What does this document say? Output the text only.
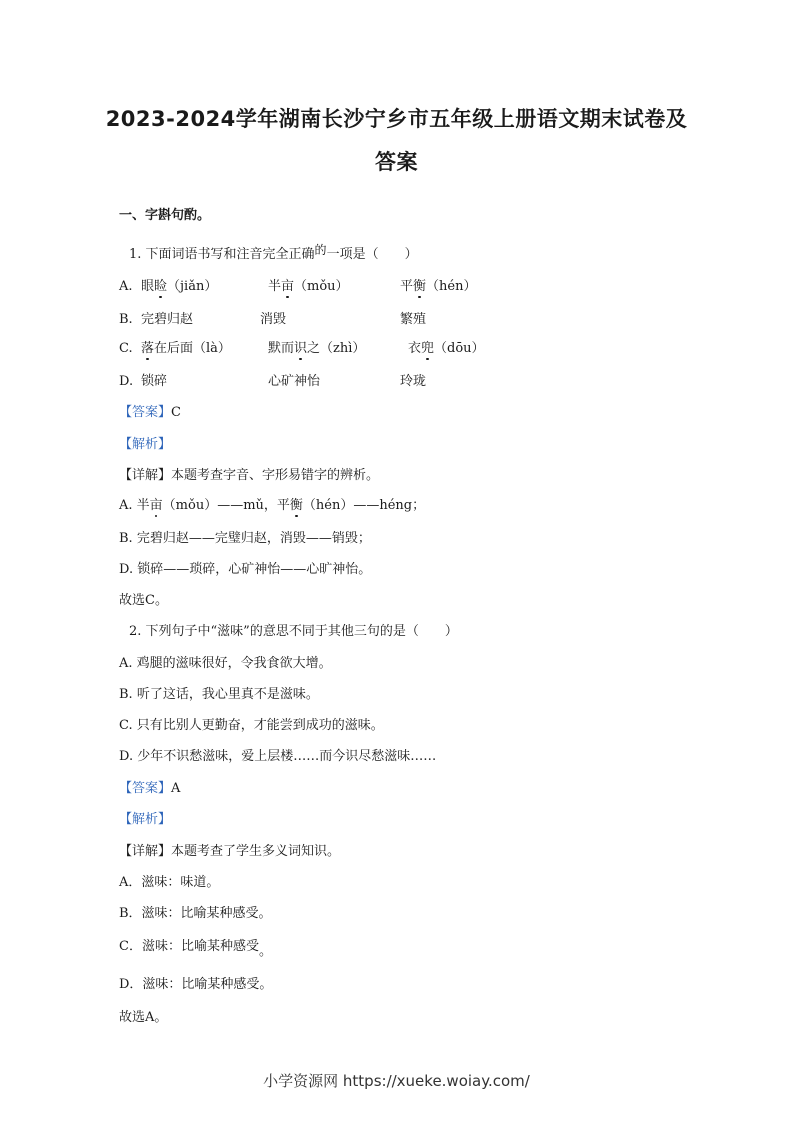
2023-2024学年湖南长沙宁乡市五年级上册语文期末试卷及
答案
一、字斟句酌。
1. 下面词语书写和注音完全正确的一项是（　　）
A. 眼睑（jiǎn）	半亩（mǒu）	平衡（hén）
B. 完碧归赵	消毁	繁殖
C. 落在后面（là）	默而识之（zhì）	衣兜（dōu）
D. 锁碎	心矿神怡	玲珑
【答案】C
【解析】
【详解】本题考查字音、字形易错字的辨析。
A. 半亩（mǒu）——mǔ，平衡（hén）——héng；
B. 完碧归赵——完璧归赵，消毁——销毁；
D. 锁碎——琐碎，心矿神怡——心旷神怡。
故选C。
2. 下列句子中“滋味”的意思不同于其他三句的是（　　）
A. 鸡腿的滋味很好，令我食欲大增。
B. 听了这话，我心里真不是滋味。
C. 只有比别人更勤奋，才能尝到成功的滋味。
D. 少年不识愁滋味，爱上层楼……而今识尽愁滋味……
【答案】A
【解析】
【详解】本题考查了学生多义词知识。
A．滋味：味道。
B．滋味：比喻某种感受。
C．滋味：比喻某种感受。
D．滋味：比喻某种感受。
故选A。
小学资源网 https://xueke.woiay.com/
